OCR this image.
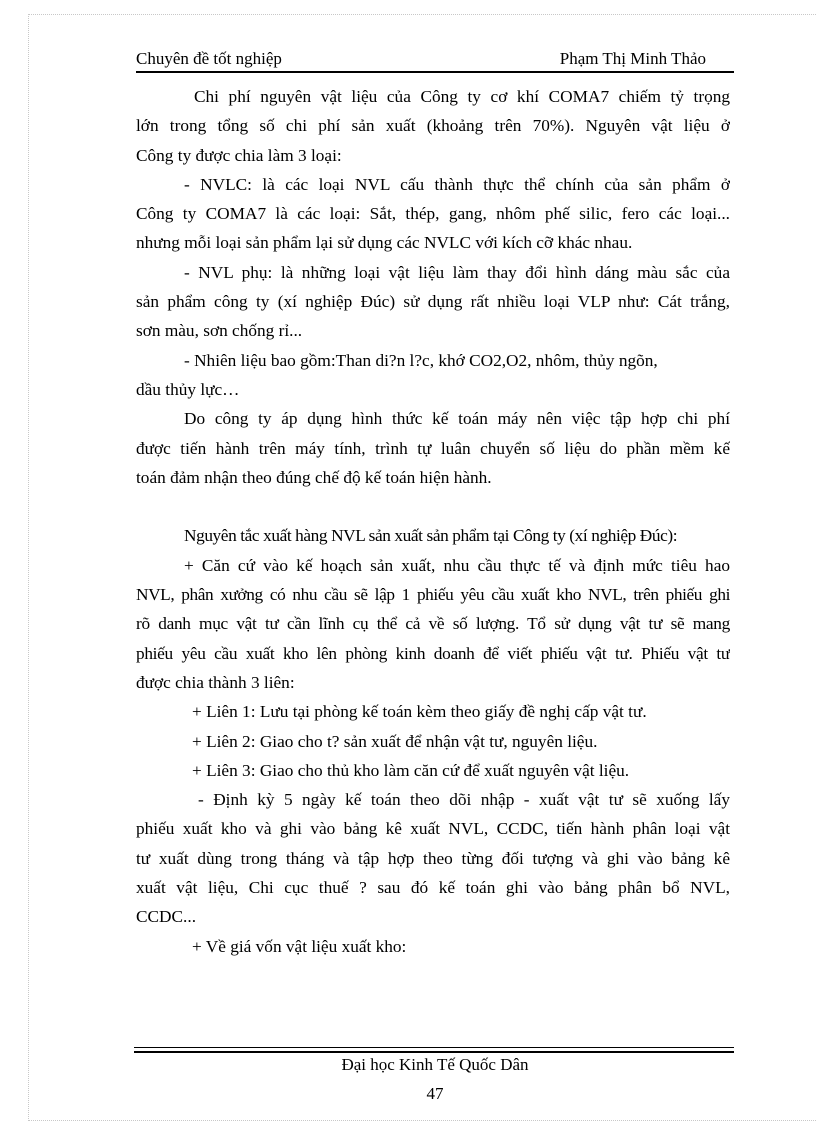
Chuyên đề tốt nghiệp	Phạm Thị Minh Thảo
Chi phí nguyên vật liệu của Công ty cơ khí COMA7 chiếm tỷ trọng
lớn trong tổng số chi phí sản xuất (khoảng trên 70%). Nguyên vật liệu ở
Công ty được chia làm 3 loại:
- NVLC: là các loại NVL cấu thành thực thể chính của sản phẩm ở
Công ty COMA7 là các loại: Sắt, thép, gang, nhôm phế silic, fero các loại...
nhưng mỗi loại sản phẩm lại sử dụng các NVLC với kích cỡ khác nhau.
- NVL phụ: là những loại vật liệu làm thay đổi hình dáng màu sắc của
sản phẩm công ty (xí nghiệp Đúc) sử dụng rất nhiều loại VLP như: Cát trắng,
sơn màu, sơn chống rỉ...
- Nhiên liệu bao gồm:Than di?n l?c, khớ CO2,O2, nhôm, thủy ngõn,
dầu thủy lực…
Do công ty áp dụng hình thức kế toán máy nên việc tập hợp chi phí
được tiến hành trên máy tính, trình tự luân chuyển số liệu do phần mềm kế
toán đảm nhận theo đúng chế độ kế toán hiện hành.
Nguyên tắc xuất hàng NVL sản xuất sản phẩm tại Công ty (xí nghiệp Đúc):
+ Căn cứ vào kế hoạch sản xuất, nhu cầu thực tế và định mức tiêu hao
NVL, phân xưởng có nhu cầu sẽ lập 1 phiếu yêu cầu xuất kho NVL, trên phiếu ghi
rõ danh mục vật tư cần lĩnh cụ thể cả về số lượng. Tổ sử dụng vật tư sẽ mang
phiếu yêu cầu xuất kho lên phòng kinh doanh để viết phiếu vật tư. Phiếu vật tư
được chia thành 3 liên:
+ Liên 1: Lưu tại phòng kế toán kèm theo giấy đề nghị cấp vật tư.
+ Liên 2: Giao cho t? sản xuất để nhận vật tư, nguyên liệu.
+ Liên 3: Giao cho thủ kho làm căn cứ để xuất nguyên vật liệu.
- Định kỳ 5 ngày kế toán theo dõi nhập - xuất vật tư sẽ xuống lấy
phiếu xuất kho và ghi vào bảng kê xuất NVL, CCDC, tiến hành phân loại vật
tư xuất dùng trong tháng và tập hợp theo từng đối tượng và ghi vào bảng kê
xuất vật liệu, Chi cục thuế ? sau đó kế toán ghi vào bảng phân bổ NVL,
CCDC...
+ Về giá vốn vật liệu xuất kho:
Đại học Kinh Tế Quốc Dân
47
